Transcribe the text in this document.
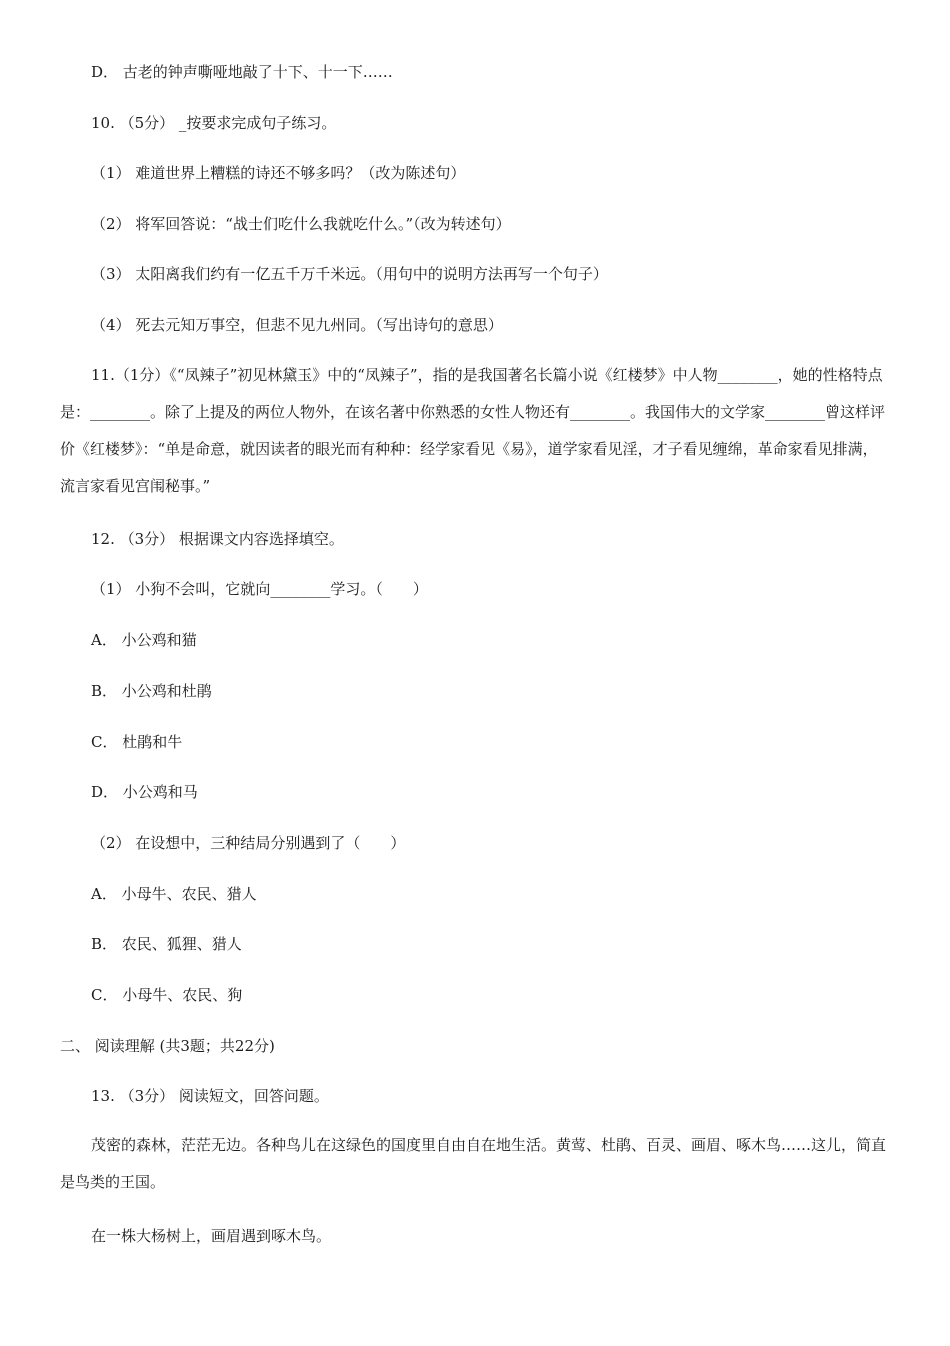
D． 古老的钟声嘶哑地敲了十下、十一下……
10. （5分） _按要求完成句子练习。
（1） 难道世界上糟糕的诗还不够多吗？（改为陈述句）
（2） 将军回答说：“战士们吃什么我就吃什么。”（改为转述句）
（3） 太阳离我们约有一亿五千万千米远。（用句中的说明方法再写一个句子）
（4） 死去元知万事空，但悲不见九州同。（写出诗句的意思）
11.（1分）《“凤辣子”初见林黛玉》中的“凤辣子”，指的是我国著名长篇小说《红楼梦》中人物________，她的性格特点是：________。除了上提及的两位人物外，在该名著中你熟悉的女性人物还有________。我国伟大的文学家________曾这样评价《红楼梦》：“单是命意，就因读者的眼光而有种种：经学家看见《易》，道学家看见淫，才子看见缠绵，革命家看见排满，流言家看见宫闱秘事。”
12. （3分） 根据课文内容选择填空。
（1） 小狗不会叫，它就向________学习。（　　）
A． 小公鸡和猫
B． 小公鸡和杜鹃
C． 杜鹃和牛
D． 小公鸡和马
（2） 在设想中，三种结局分别遇到了（　　）
A． 小母牛、农民、猎人
B． 农民、狐狸、猎人
C． 小母牛、农民、狗
二、 阅读理解 (共3题；共22分)
13. （3分） 阅读短文，回答问题。
茂密的森林，茫茫无边。各种鸟儿在这绿色的国度里自由自在地生活。黄莺、杜鹃、百灵、画眉、啄木鸟……这儿，简直是鸟类的王国。
在一株大杨树上，画眉遇到啄木鸟。
